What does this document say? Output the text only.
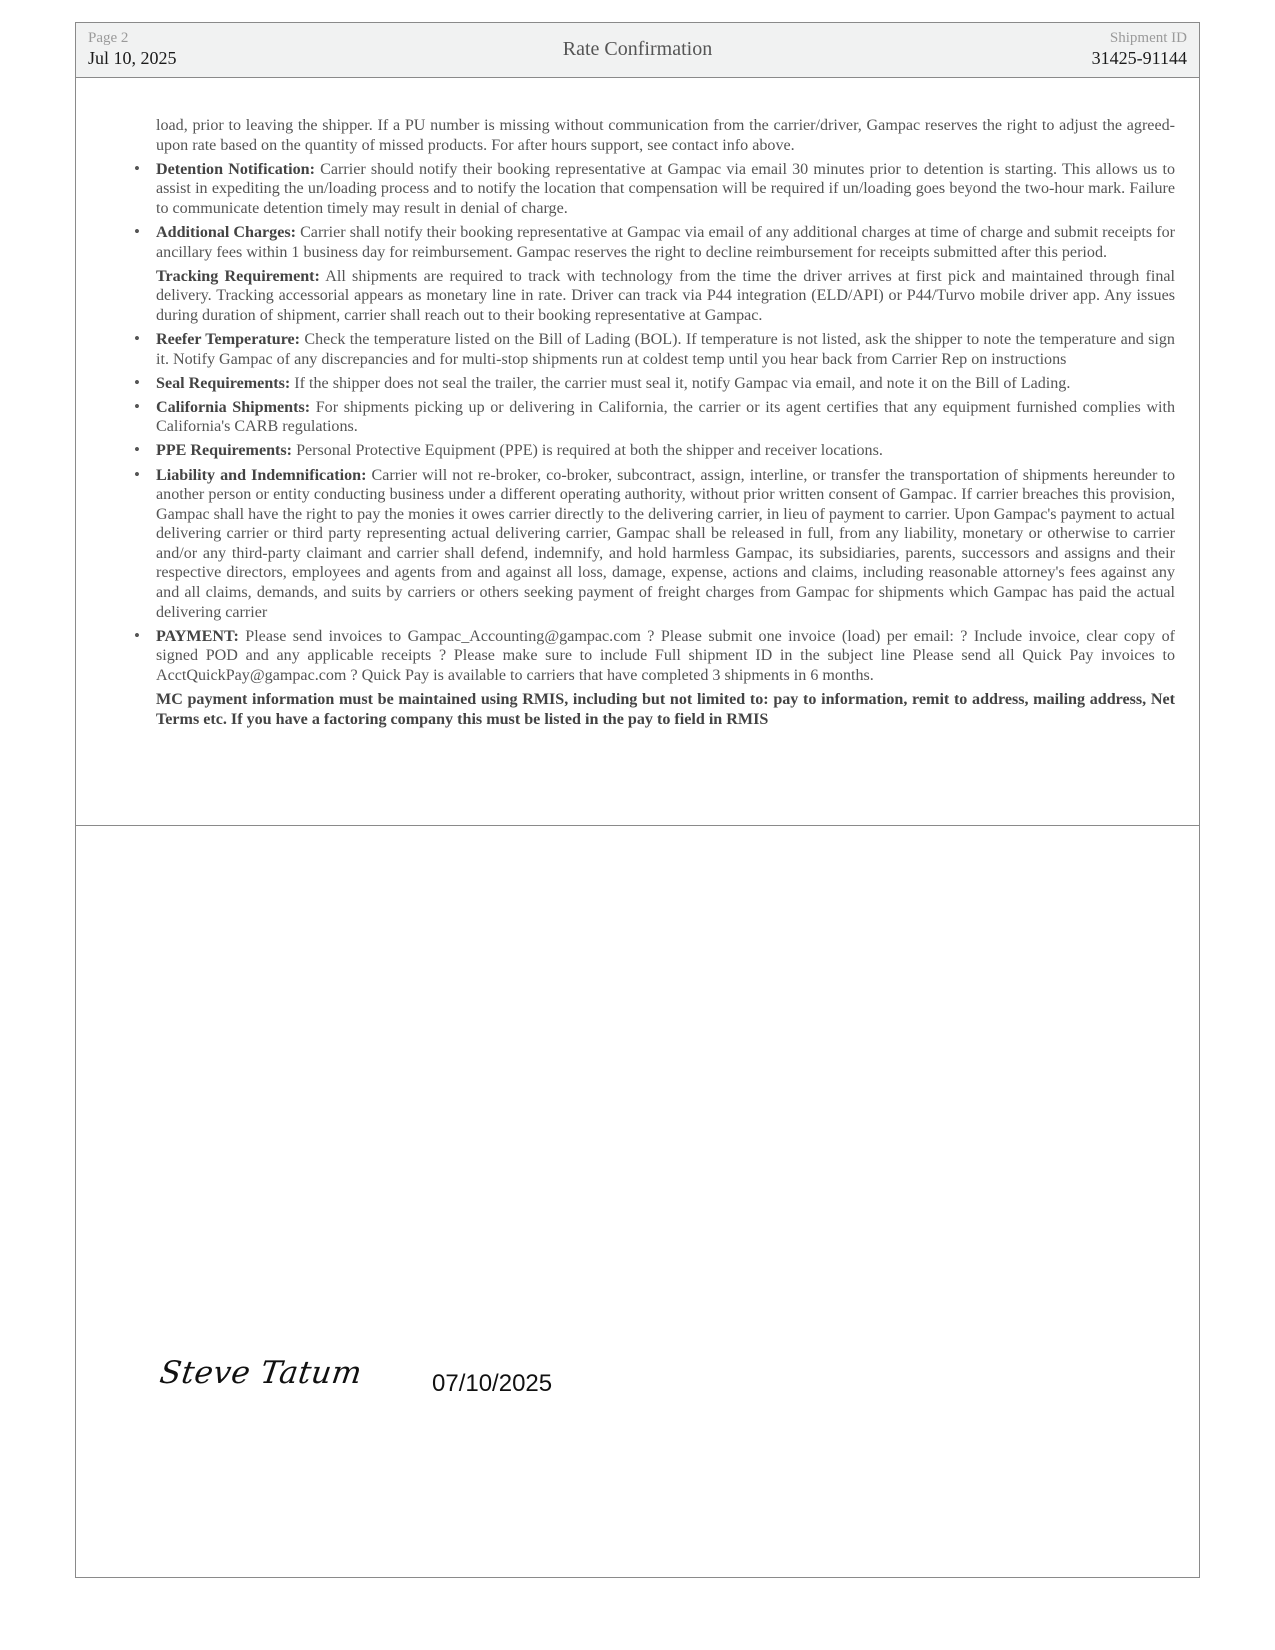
Page 2
Jul 10, 2025	Rate Confirmation	Shipment ID
31425-91144

load, prior to leaving the shipper. If a PU number is missing without communication from the carrier/driver, Gampac reserves the right to adjust the agreed-upon rate based on the quantity of missed products. For after hours support, see contact info above.

• Detention Notification: Carrier should notify their booking representative at Gampac via email 30 minutes prior to detention is starting. This allows us to assist in expediting the un/loading process and to notify the location that compensation will be required if un/loading goes beyond the two-hour mark. Failure to communicate detention timely may result in denial of charge.

• Additional Charges: Carrier shall notify their booking representative at Gampac via email of any additional charges at time of charge and submit receipts for ancillary fees within 1 business day for reimbursement. Gampac reserves the right to decline reimbursement for receipts submitted after this period.

Tracking Requirement: All shipments are required to track with technology from the time the driver arrives at first pick and maintained through final delivery. Tracking accessorial appears as monetary line in rate. Driver can track via P44 integration (ELD/API) or P44/Turvo mobile driver app. Any issues during duration of shipment, carrier shall reach out to their booking representative at Gampac.

• Reefer Temperature: Check the temperature listed on the Bill of Lading (BOL). If temperature is not listed, ask the shipper to note the temperature and sign it. Notify Gampac of any discrepancies and for multi-stop shipments run at coldest temp until you hear back from Carrier Rep on instructions

• Seal Requirements: If the shipper does not seal the trailer, the carrier must seal it, notify Gampac via email, and note it on the Bill of Lading.

• California Shipments: For shipments picking up or delivering in California, the carrier or its agent certifies that any equipment furnished complies with California's CARB regulations.

• PPE Requirements: Personal Protective Equipment (PPE) is required at both the shipper and receiver locations.

• Liability and Indemnification: Carrier will not re-broker, co-broker, subcontract, assign, interline, or transfer the transportation of shipments hereunder to another person or entity conducting business under a different operating authority, without prior written consent of Gampac. If carrier breaches this provision, Gampac shall have the right to pay the monies it owes carrier directly to the delivering carrier, in lieu of payment to carrier. Upon Gampac's payment to actual delivering carrier or third party representing actual delivering carrier, Gampac shall be released in full, from any liability, monetary or otherwise to carrier and/or any third-party claimant and carrier shall defend, indemnify, and hold harmless Gampac, its subsidiaries, parents, successors and assigns and their respective directors, employees and agents from and against all loss, damage, expense, actions and claims, including reasonable attorney's fees against any and all claims, demands, and suits by carriers or others seeking payment of freight charges from Gampac for shipments which Gampac has paid the actual delivering carrier

• PAYMENT: Please send invoices to Gampac_Accounting@gampac.com ? Please submit one invoice (load) per email: ? Include invoice, clear copy of signed POD and any applicable receipts ? Please make sure to include Full shipment ID in the subject line Please send all Quick Pay invoices to AcctQuickPay@gampac.com ? Quick Pay is available to carriers that have completed 3 shipments in 6 months.

MC payment information must be maintained using RMIS, including but not limited to: pay to information, remit to address, mailing address, Net Terms etc. If you have a factoring company this must be listed in the pay to field in RMIS

Steve Tatum	07/10/2025
